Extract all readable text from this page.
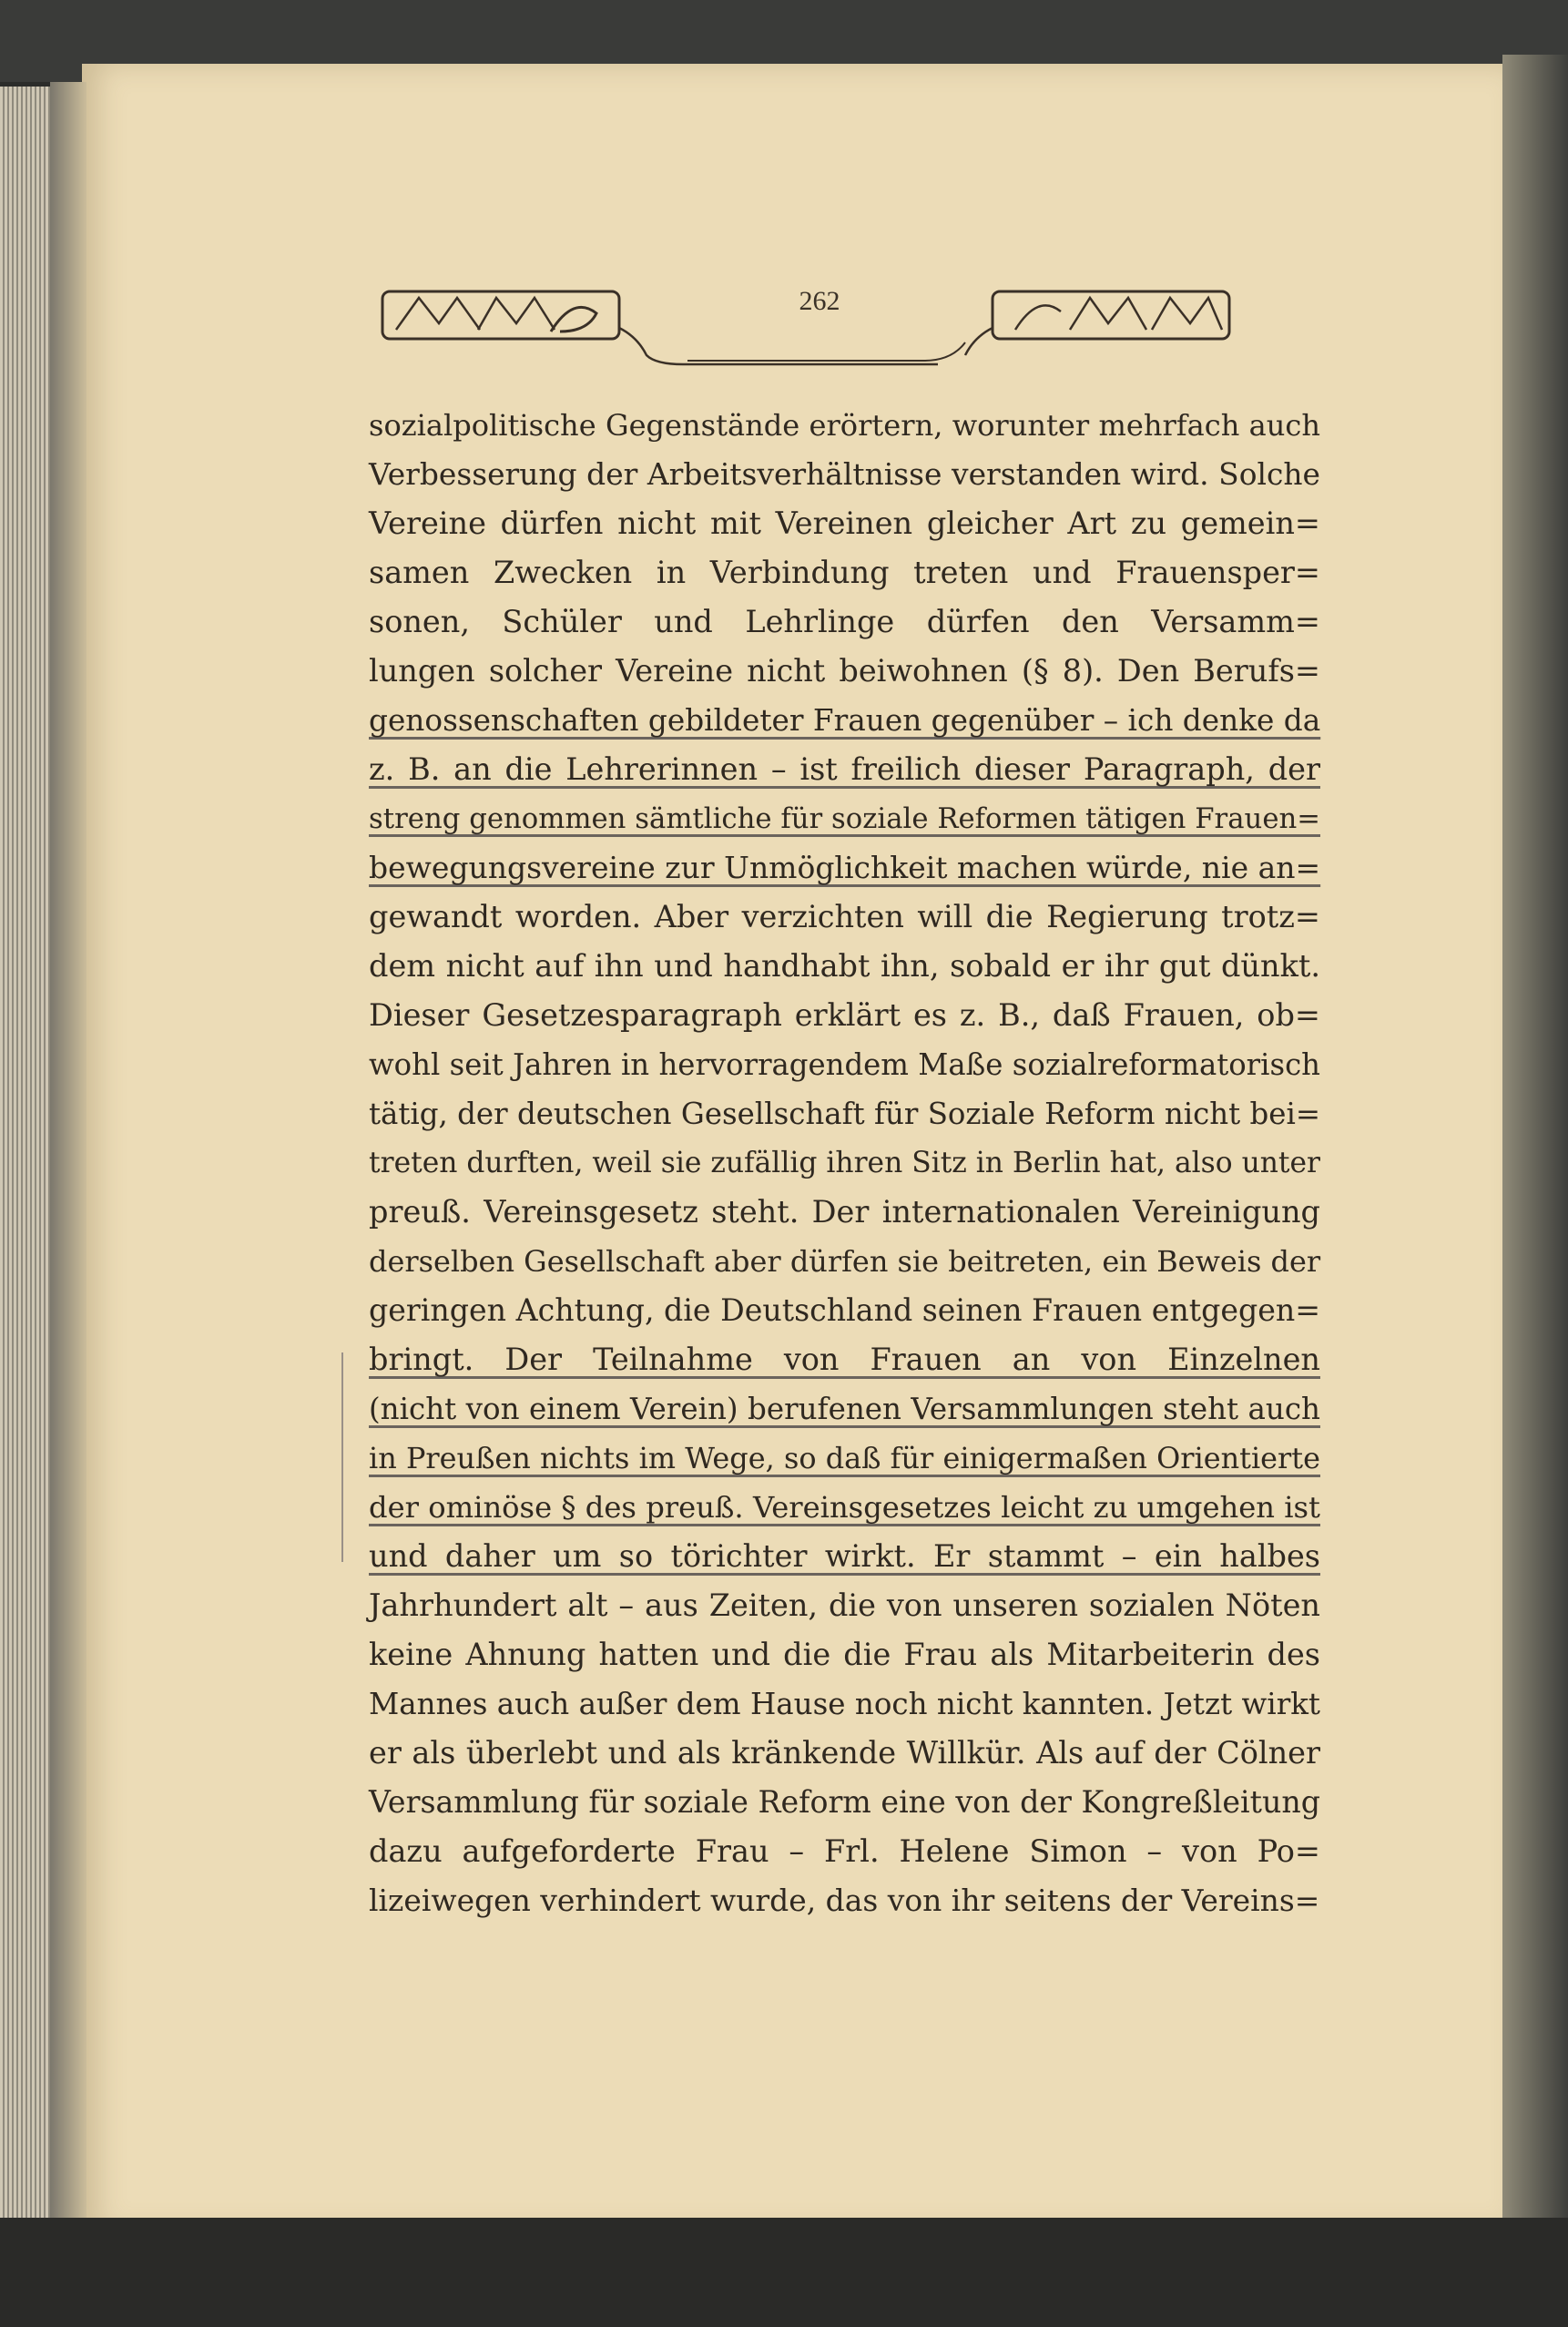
262
sozialpolitische Gegenstände erörtern, worunter mehrfach auch
Verbesserung der Arbeitsverhältnisse verstanden wird. Solche
Vereine dürfen nicht mit Vereinen gleicher Art zu gemein=
samen Zwecken in Verbindung treten und Frauensper=
sonen, Schüler und Lehrlinge dürfen den Versamm=
lungen solcher Vereine nicht beiwohnen (§ 8). Den Berufs=
genossenschaften gebildeter Frauen gegenüber – ich denke da
z. B. an die Lehrerinnen – ist freilich dieser Paragraph, der
streng genommen sämtliche für soziale Reformen tätigen Frauen=
bewegungsvereine zur Unmöglichkeit machen würde, nie an=
gewandt worden. Aber verzichten will die Regierung trotz=
dem nicht auf ihn und handhabt ihn, sobald er ihr gut dünkt.
Dieser Gesetzesparagraph erklärt es z. B., daß Frauen, ob=
wohl seit Jahren in hervorragendem Maße sozialreformatorisch
tätig, der deutschen Gesellschaft für Soziale Reform nicht bei=
treten durften, weil sie zufällig ihren Sitz in Berlin hat, also unter
preuß. Vereinsgesetz steht. Der internationalen Vereinigung
derselben Gesellschaft aber dürfen sie beitreten, ein Beweis der
geringen Achtung, die Deutschland seinen Frauen entgegen=
bringt. Der Teilnahme von Frauen an von Einzelnen
(nicht von einem Verein) berufenen Versammlungen steht auch
in Preußen nichts im Wege, so daß für einigermaßen Orientierte
der ominöse § des preuß. Vereinsgesetzes leicht zu umgehen ist
und daher um so törichter wirkt. Er stammt – ein halbes
Jahrhundert alt – aus Zeiten, die von unseren sozialen Nöten
keine Ahnung hatten und die die Frau als Mitarbeiterin des
Mannes auch außer dem Hause noch nicht kannten. Jetzt wirkt
er als überlebt und als kränkende Willkür. Als auf der Cölner
Versammlung für soziale Reform eine von der Kongreßleitung
dazu aufgeforderte Frau – Frl. Helene Simon – von Po=
lizeiwegen verhindert wurde, das von ihr seitens der Vereins=
